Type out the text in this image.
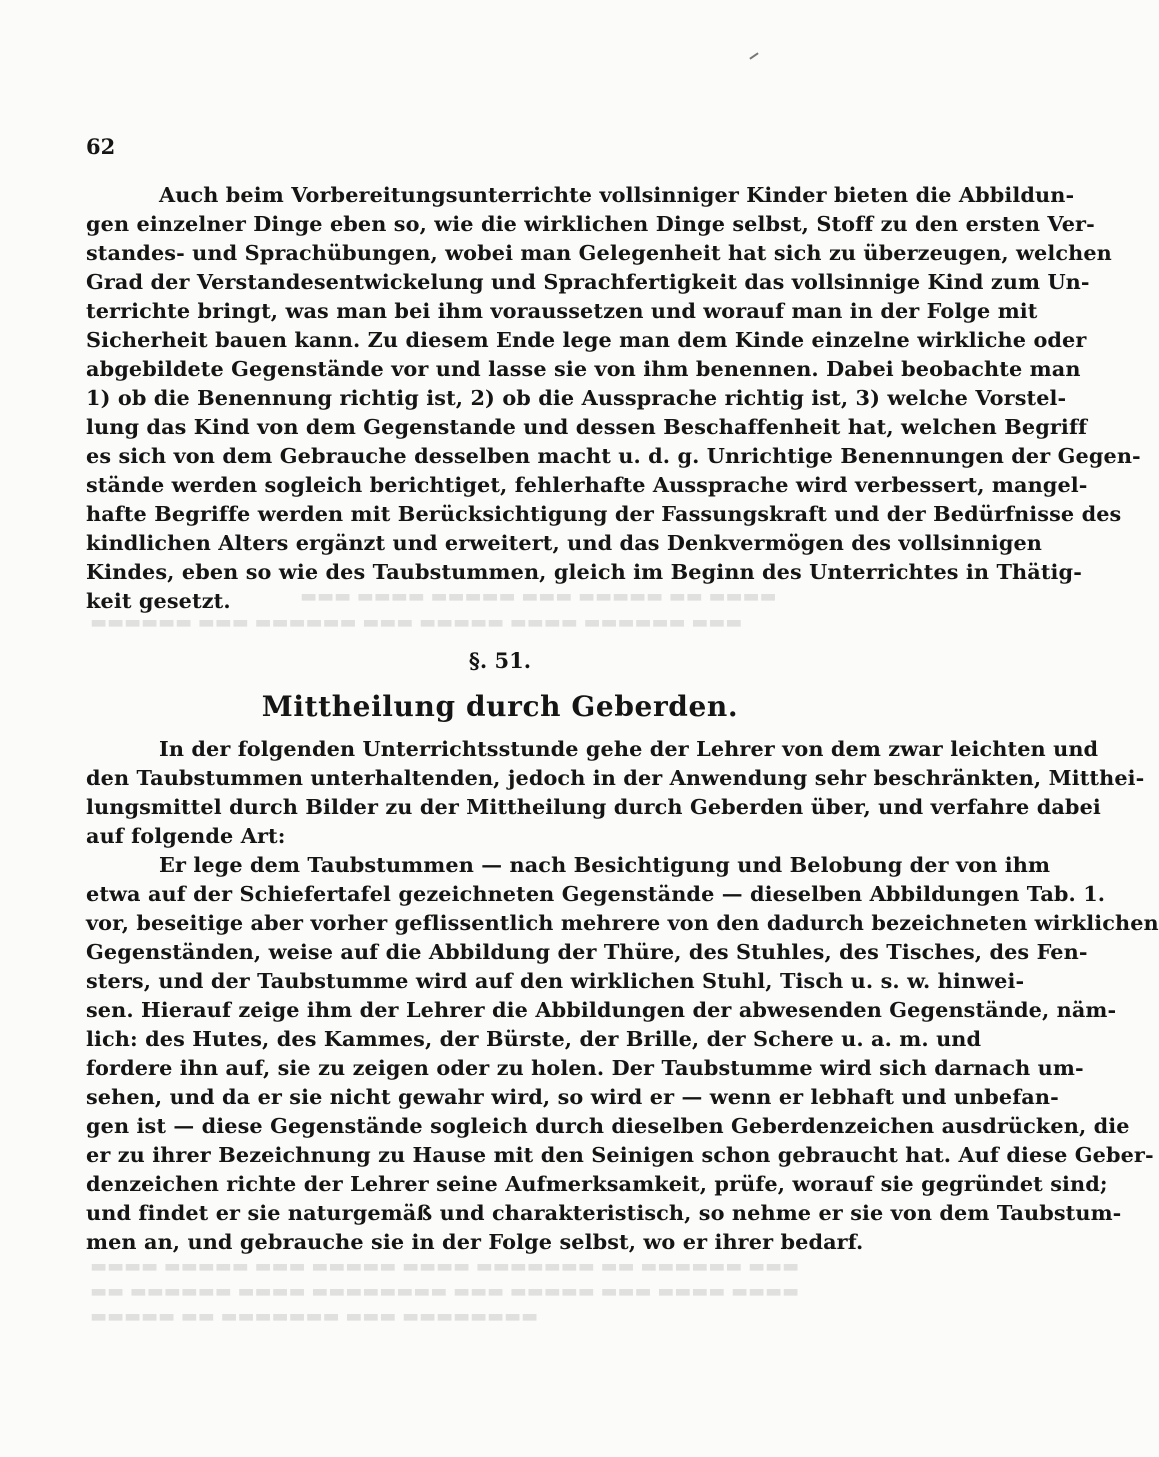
▬▬▬ ▬▬▬▬ ▬▬▬▬▬ ▬▬▬ ▬▬▬▬▬ ▬▬ ▬▬▬▬
▬▬▬▬▬▬ ▬▬▬ ▬▬▬▬▬▬ ▬▬▬ ▬▬▬▬▬ ▬▬▬▬ ▬▬▬▬▬▬ ▬▬▬
▬▬▬▬ ▬▬▬▬▬ ▬▬▬ ▬▬▬▬▬ ▬▬▬▬ ▬▬▬▬▬▬▬ ▬▬ ▬▬▬▬▬▬ ▬▬▬
▬▬ ▬▬▬▬▬▬ ▬▬▬▬ ▬▬▬▬▬▬▬▬ ▬▬▬ ▬▬▬▬▬ ▬▬▬ ▬▬▬▬ ▬▬▬▬
▬▬▬▬▬ ▬▬ ▬▬▬▬▬▬▬ ▬▬▬ ▬▬▬▬▬▬▬▬
62
Auch beim Vorbereitungsunterrichte vollsinniger Kinder bieten die Abbildun-
gen einzelner Dinge eben so, wie die wirklichen Dinge selbst, Stoff zu den ersten Ver-
standes- und Sprachübungen, wobei man Gelegenheit hat sich zu überzeugen, welchen
Grad der Verstandesentwickelung und Sprachfertigkeit das vollsinnige Kind zum Un-
terrichte bringt, was man bei ihm voraussetzen und worauf man in der Folge mit
Sicherheit bauen kann. Zu diesem Ende lege man dem Kinde einzelne wirkliche oder
abgebildete Gegenstände vor und lasse sie von ihm benennen. Dabei beobachte man
1) ob die Benennung richtig ist, 2) ob die Aussprache richtig ist, 3) welche Vorstel-
lung das Kind von dem Gegenstande und dessen Beschaffenheit hat, welchen Begriff
es sich von dem Gebrauche desselben macht u. d. g. Unrichtige Benennungen der Gegen-
stände werden sogleich berichtiget, fehlerhafte Aussprache wird verbessert, mangel-
hafte Begriffe werden mit Berücksichtigung der Fassungskraft und der Bedürfnisse des
kindlichen Alters ergänzt und erweitert, und das Denkvermögen des vollsinnigen
Kindes, eben so wie des Taubstummen, gleich im Beginn des Unterrichtes in Thätig-
keit gesetzt.
§. 51.
Mittheilung durch Geberden.
In der folgenden Unterrichtsstunde gehe der Lehrer von dem zwar leichten und
den Taubstummen unterhaltenden, jedoch in der Anwendung sehr beschränkten, Mitthei-
lungsmittel durch Bilder zu der Mittheilung durch Geberden über, und verfahre dabei
auf folgende Art:
Er lege dem Taubstummen — nach Besichtigung und Belobung der von ihm
etwa auf der Schiefertafel gezeichneten Gegenstände — dieselben Abbildungen Tab. 1.
vor, beseitige aber vorher geflissentlich mehrere von den dadurch bezeichneten wirklichen
Gegenständen, weise auf die Abbildung der Thüre, des Stuhles, des Tisches, des Fen-
sters, und der Taubstumme wird auf den wirklichen Stuhl, Tisch u. s. w. hinwei-
sen. Hierauf zeige ihm der Lehrer die Abbildungen der abwesenden Gegenstände, näm-
lich: des Hutes, des Kammes, der Bürste, der Brille, der Schere u. a. m. und
fordere ihn auf, sie zu zeigen oder zu holen. Der Taubstumme wird sich darnach um-
sehen, und da er sie nicht gewahr wird, so wird er — wenn er lebhaft und unbefan-
gen ist — diese Gegenstände sogleich durch dieselben Geberdenzeichen ausdrücken, die
er zu ihrer Bezeichnung zu Hause mit den Seinigen schon gebraucht hat. Auf diese Geber-
denzeichen richte der Lehrer seine Aufmerksamkeit, prüfe, worauf sie gegründet sind;
und findet er sie naturgemäß und charakteristisch, so nehme er sie von dem Taubstum-
men an, und gebrauche sie in der Folge selbst, wo er ihrer bedarf.
